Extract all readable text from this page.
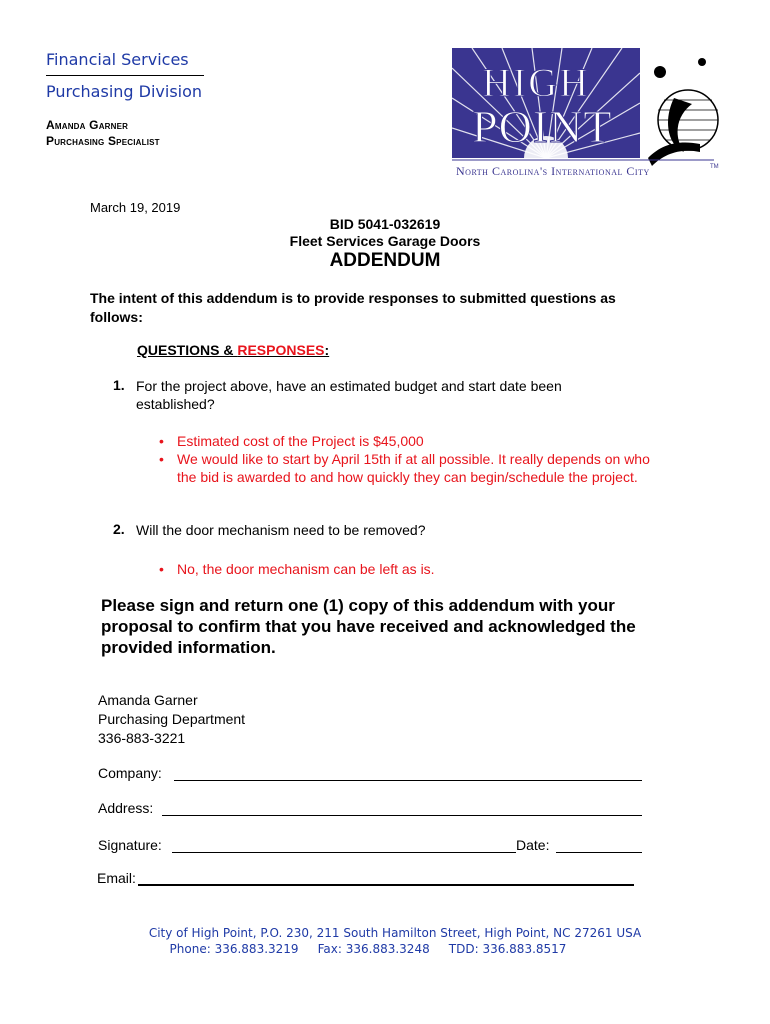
Financial Services
Purchasing Division
Amanda Garner
Purchasing Specialist
HIGH
POINT
North Carolina's International City	TM
March 19, 2019
BID 5041-032619
Fleet Services Garage Doors
ADDENDUM
The intent of this addendum is to provide responses to submitted questions as follows:
QUESTIONS & RESPONSES:
1. For the project above, have an estimated budget and start date been established?
• Estimated cost of the Project is $45,000
• We would like to start by April 15th if at all possible. It really depends on who the bid is awarded to and how quickly they can begin/schedule the project.
2. Will the door mechanism need to be removed?
• No, the door mechanism can be left as is.
Please sign and return one (1) copy of this addendum with your proposal to confirm that you have received and acknowledged the provided information.
Amanda Garner
Purchasing Department
336-883-3221
Company:
Address:
Signature:	Date:
Email:
City of High Point, P.O. 230, 211 South Hamilton Street, High Point, NC 27261 USA
Phone: 336.883.3219     Fax: 336.883.3248     TDD: 336.883.8517
